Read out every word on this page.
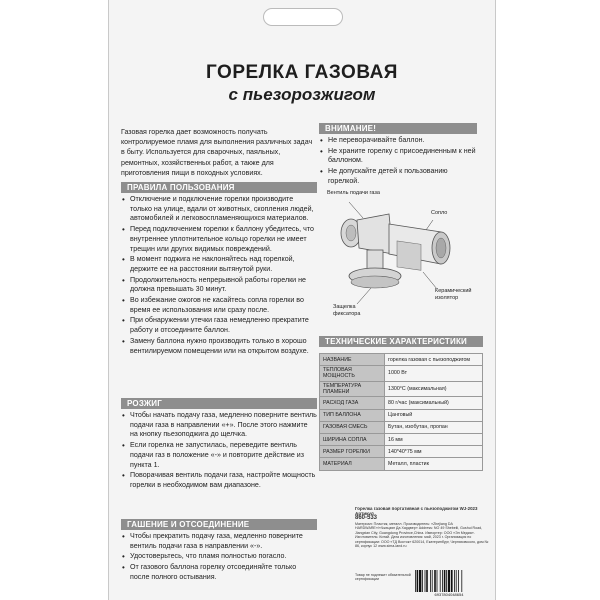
ГОРЕЛКА ГАЗОВАЯ
с пьезорозжигом
Газовая горелка дает возможность получать контролируемое пламя для выполнения различных задач в быту. Используется для сварочных, паяльных, ремонтных, хозяйственных работ, а также для приготовления пищи в походных условиях.
ПРАВИЛА ПОЛЬЗОВАНИЯ
• Отключение и подключение горелки производите только на улице, вдали от животных, скопления людей, автомобилей и легковоспламеняющихся материалов.
• Перед подключением горелки к баллону убедитесь, что внутреннее уплотнительное кольцо горелки не имеет трещин или других видимых повреждений.
• В момент поджига не наклоняйтесь над горелкой, держите ее на расстоянии вытянутой руки.
• Продолжительность непрерывной работы горелки не должна превышать 30 минут.
• Во избежание ожогов не касайтесь сопла горелки во время ее использования или сразу после.
• При обнаружении утечки газа немедленно прекратите работу и отсоедините баллон.
• Замену баллона нужно производить только в хорошо вентилируемом помещении или на открытом воздухе.
РОЗЖИГ
• Чтобы начать подачу газа, медленно поверните вентиль подачи газа в направлении «+». После этого нажмите на кнопку пьезоподжига до щелчка.
• Если горелка не запустилась, переведите вентиль подачи газ в положение «-» и повторите действие из пункта 1.
• Поворачивая вентиль подачи газа, настройте мощность горелки в необходимом вам диапазоне.
ГАШЕНИЕ И ОТСОЕДИНЕНИЕ
• Чтобы прекратить подачу газа, медленно поверните вентиль подачи газа в направлении «-».
• Удостоверьтесь, что пламя полностью погасло.
• От газового баллона горелку отсоединяйте только после полного остывания.
ВНИМАНИЕ!
• Не переворачивайте баллон.
• Не храните горелку с присоединенным к ней баллоном.
• Не допускайте детей к пользованию горелкой.
Вентиль подачи газа
Сопло
Керамический изолятор
Защелка фиксатора
ТЕХНИЧЕСКИЕ ХАРАКТЕРИСТИКИ
НАЗВАНИЕ	горелка газовая с пьезоподжигом
ТЕПЛОВАЯ МОЩНОСТЬ	1000 Вт
ТЕМПЕРАТУРА ПЛАМЕНИ	1300°С (максимальная)
РАСХОД ГАЗА	80 г/час (максимальный)
ТИП БАЛЛОНА	Цанговый
ГАЗОВАЯ СМЕСЬ	Бутан, изобутан, пропан
ШИРИНА СОПЛА	16 мм
РАЗМЕР ГОРЕЛКИ	140*40*75 мм
МАТЕРИАЛ	Металл, пластик
Горелка газовая портативная с пьезоподжигом WJ-2023
Артикул
860-533
Материал: Пластик, металл. Производитель: «Zhejiang DA HARDWARE»/«Чжэцзян Да Хардвер» Address: NO 49 Shebeili, Gushui Road, Jiangxian City, Guangdong Province,China. Импортер: ООО «Эл Медиа». Изготовитель: Китай. Дата изготовления: май, 2023 г. Организация по сертификации: ООО «ТД Восток» 620014, Екатеринбург, Черняховского, дом № 86, корпус 12 www.sima-land.ru
Товар не подлежит обязательной сертификации
6937804048654
